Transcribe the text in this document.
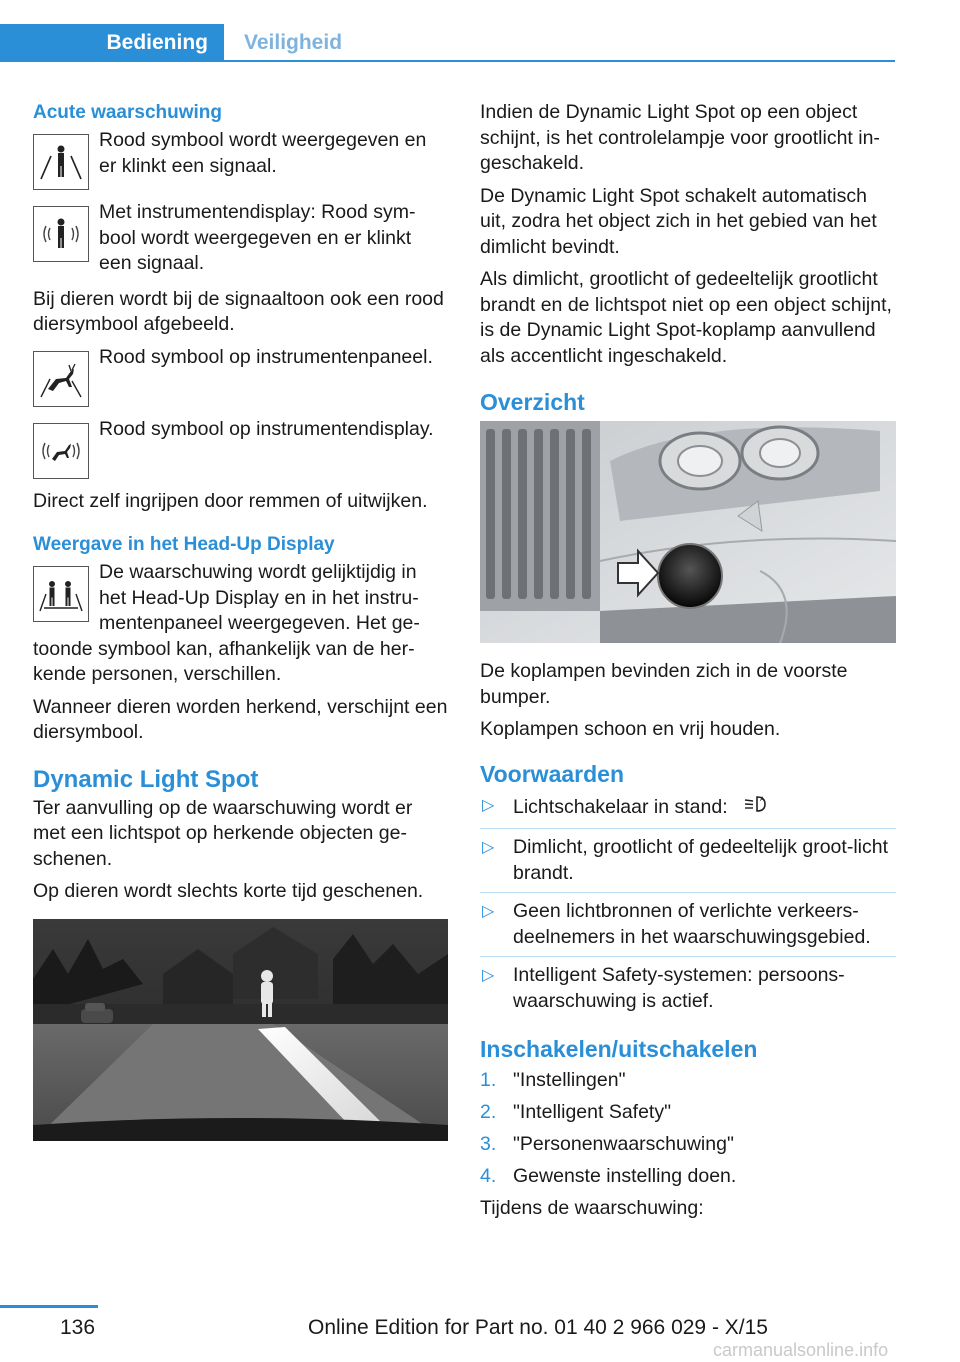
Bediening	Veiligheid
Acute waarschuwing

Rood symbool wordt weergegeven en er klinkt een signaal.

Met instrumentendisplay: Rood sym-bool wordt weergegeven en er klinkt een signaal.

Bij dieren wordt bij de signaaltoon ook een rood diersymbool afgebeeld.

Rood symbool op instrumentenpaneel.

Rood symbool op instrumentendisplay.

Direct zelf ingrijpen door remmen of uitwijken.

Weergave in het Head-Up Display

De waarschuwing wordt gelijktijdig in het Head-Up Display en in het instru-mentenpaneel weergegeven. Het ge-

toonde symbool kan, afhankelijk van de her-kende personen, verschillen.

Wanneer dieren worden herkend, verschijnt een diersymbool.

Dynamic Light Spot

Ter aanvulling op de waarschuwing wordt er met een lichtspot op herkende objecten ge-schenen.

Op dieren wordt slechts korte tijd geschenen.

Indien de Dynamic Light Spot op een object schijnt, is het controlelampje voor grootlicht in-geschakeld.

De Dynamic Light Spot schakelt automatisch uit, zodra het object zich in het gebied van het dimlicht bevindt.

Als dimlicht, grootlicht of gedeeltelijk grootlicht brandt en de lichtspot niet op een object schijnt, is de Dynamic Light Spot-koplamp aanvullend als accentlicht ingeschakeld.

Overzicht

De koplampen bevinden zich in de voorste bumper.

Koplampen schoon en vrij houden.

Voorwaarden
▷ Lichtschakelaar in stand:	A
▷ Dimlicht, grootlicht of gedeeltelijk groot-licht brandt.
▷ Geen lichtbronnen of verlichte verkeers-deelnemers in het waarschuwingsgebied.
▷ Intelligent Safety-systemen: persoons-waarschuwing is actief.
Inschakelen/uitschakelen
1. "Instellingen"
2. "Intelligent Safety"
3. "Personenwaarschuwing"
4. Gewenste instelling doen.

Tijdens de waarschuwing:

136	Online Edition for Part no. 01 40 2 966 029 - X/15
carmanualsonline.info
